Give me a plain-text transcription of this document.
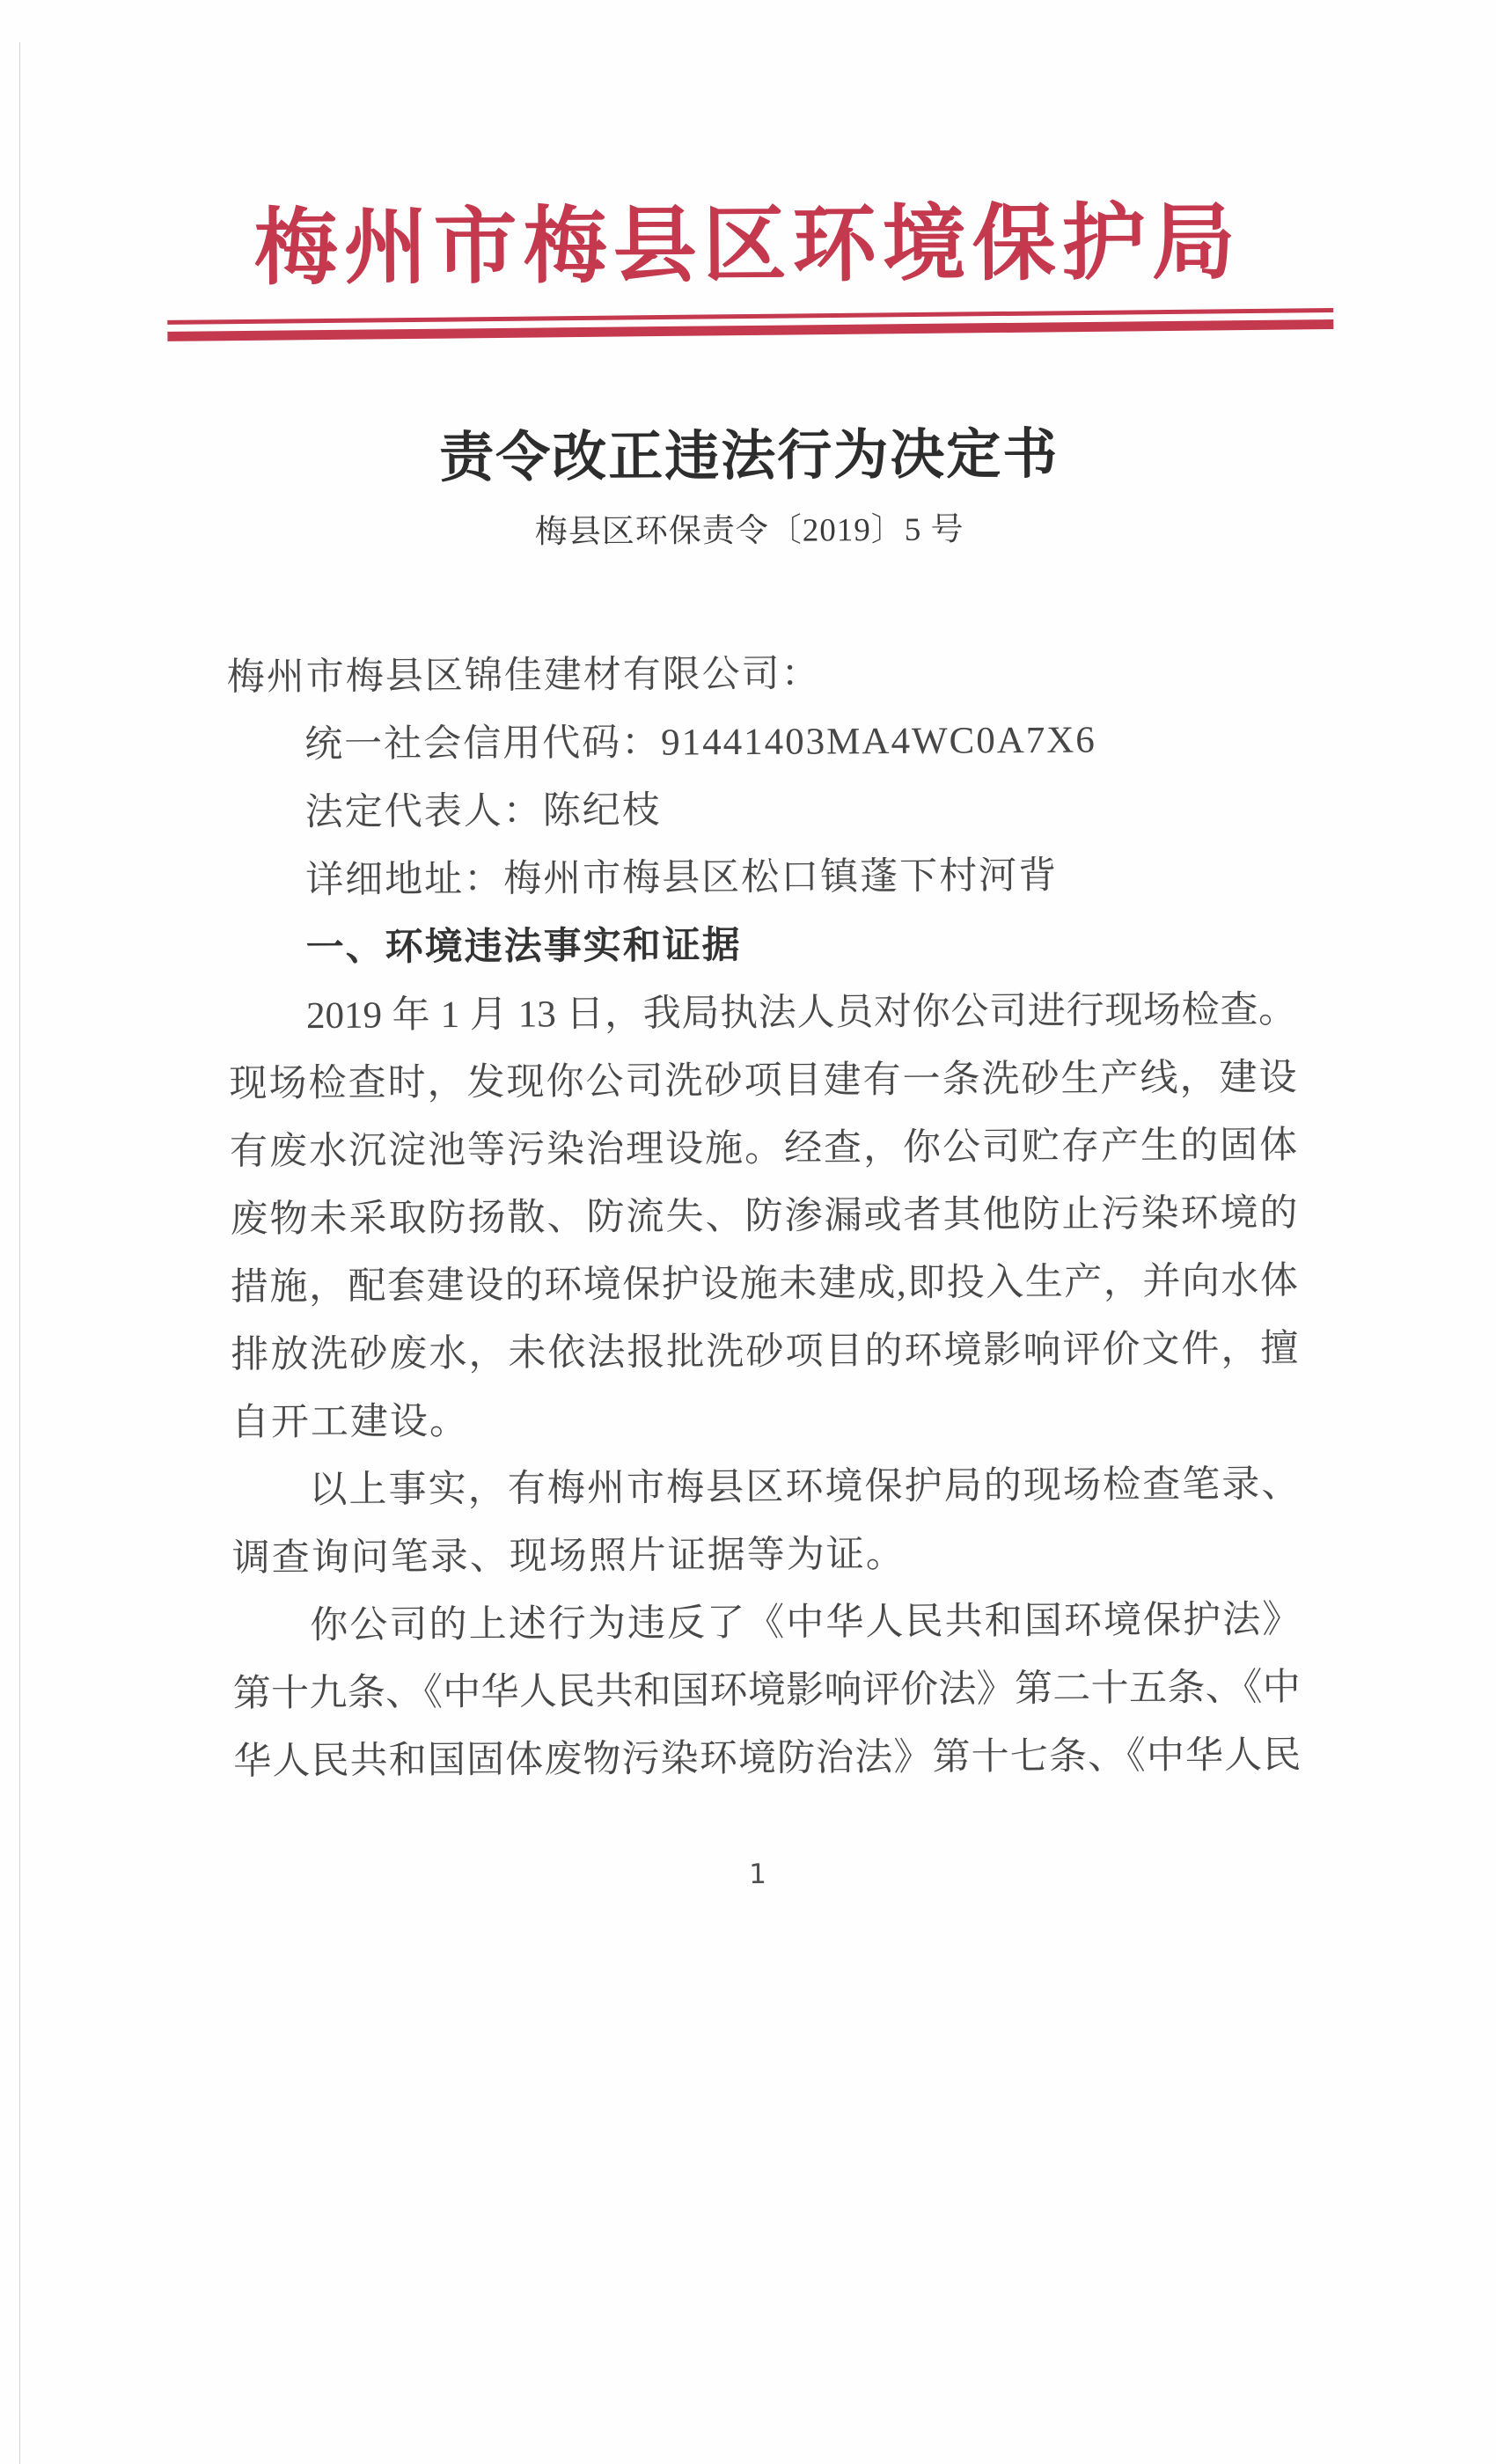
梅州市梅县区环境保护局
责令改正违法行为决定书
梅县区环保责令〔2019〕5 号
梅州市梅县区锦佳建材有限公司：
统一社会信用代码：91441403MA4WC0A7X6
法定代表人：陈纪枝
详细地址：梅州市梅县区松口镇蓬下村河背
一、环境违法事实和证据
2019 年 1 月 13 日，我局执法人员对你公司进行现场检查。
现场检查时，发现你公司洗砂项目建有一条洗砂生产线，建设
有废水沉淀池等污染治理设施。经查，你公司贮存产生的固体
废物未采取防扬散、防流失、防渗漏或者其他防止污染环境的
措施，配套建设的环境保护设施未建成,即投入生产，并向水体
排放洗砂废水，未依法报批洗砂项目的环境影响评价文件，擅
自开工建设。
以上事实，有梅州市梅县区环境保护局的现场检查笔录、
调查询问笔录、现场照片证据等为证。
你公司的上述行为违反了《中华人民共和国环境保护法》
第十九条、《中华人民共和国环境影响评价法》第二十五条、《中
华人民共和国固体废物污染环境防治法》第十七条、《中华人民
1
